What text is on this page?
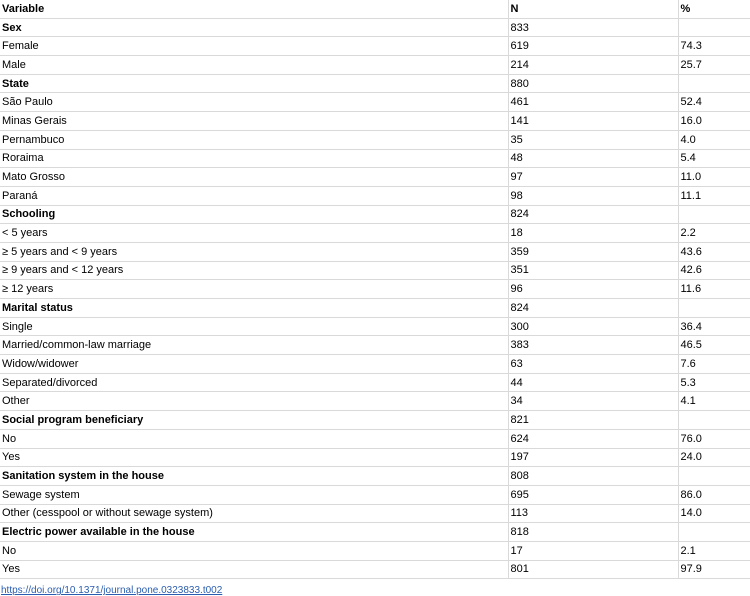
Variable	N	%
Sex	833	
Female	619	74.3
Male	214	25.7
State	880	
São Paulo	461	52.4
Minas Gerais	141	16.0
Pernambuco	35	4.0
Roraima	48	5.4
Mato Grosso	97	11.0
Paraná	98	11.1
Schooling	824	
< 5 years	18	2.2
≥ 5 years and < 9 years	359	43.6
≥ 9 years and < 12 years	351	42.6
≥ 12 years	96	11.6
Marital status	824	
Single	300	36.4
Married/common-law marriage	383	46.5
Widow/widower	63	7.6
Separated/divorced	44	5.3
Other	34	4.1
Social program beneficiary	821	
No	624	76.0
Yes	197	24.0
Sanitation system in the house	808	
Sewage system	695	86.0
Other (cesspool or without sewage system)	113	14.0
Electric power available in the house	818	
No	17	2.1
Yes	801	97.9
https://doi.org/10.1371/journal.pone.0323833.t002
